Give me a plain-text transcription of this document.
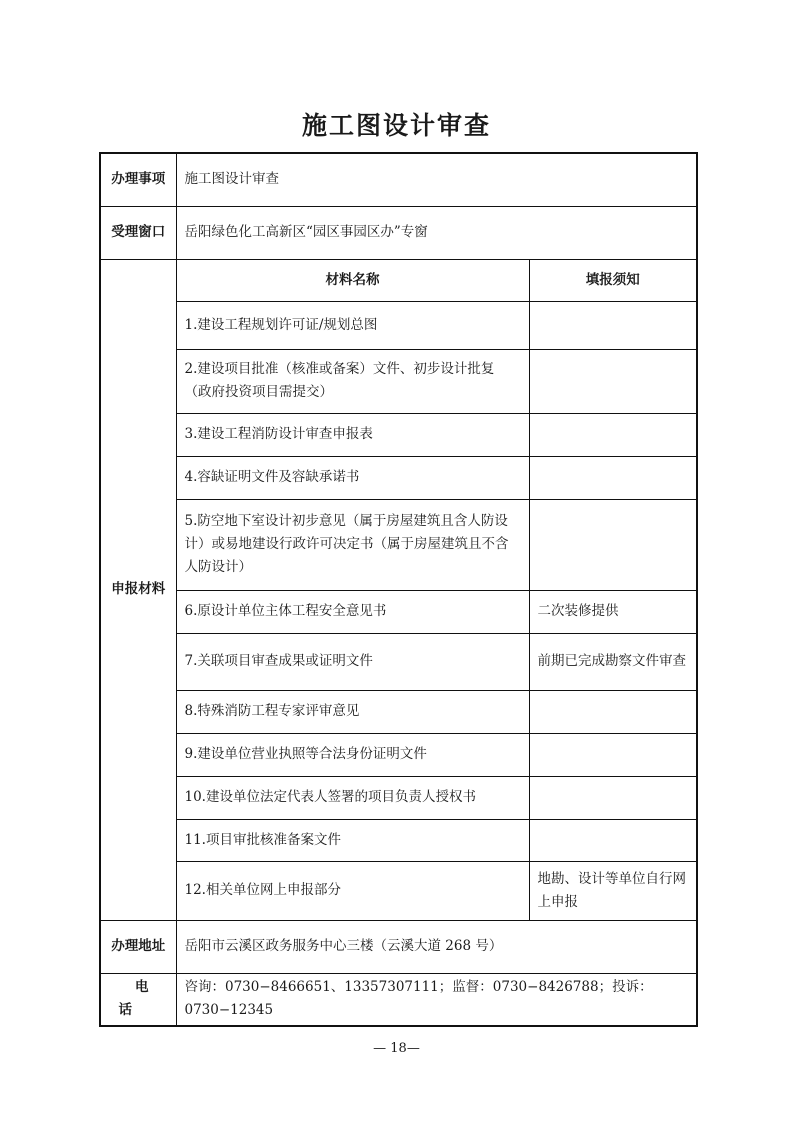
施工图设计审查
办理事项	施工图设计审查	
受理窗口	岳阳绿色化工高新区“园区事园区办”专窗	
申报材料	材料名称	填报须知
	1.建设工程规划许可证/规划总图	
	2.建设项目批准（核准或备案）文件、初步设计批复（政府投资项目需提交）	
	3.建设工程消防设计审查申报表	
	4.容缺证明文件及容缺承诺书	
	5.防空地下室设计初步意见（属于房屋建筑且含人防设计）或易地建设行政许可决定书（属于房屋建筑且不含人防设计）	
	6.原设计单位主体工程安全意见书	二次装修提供
	7.关联项目审查成果或证明文件	前期已完成勘察文件审查
	8.特殊消防工程专家评审意见	
	9.建设单位营业执照等合法身份证明文件	
	10.建设单位法定代表人签署的项目负责人授权书	
	11.项目审批核准备案文件	
	12.相关单位网上申报部分	地勘、设计等单位自行网上申报
办理地址	岳阳市云溪区政务服务中心三楼（云溪大道 268 号）	
电话	咨询：0730−8466651、13357307111；监督：0730−8426788；投诉：0730−12345	
— 18—
